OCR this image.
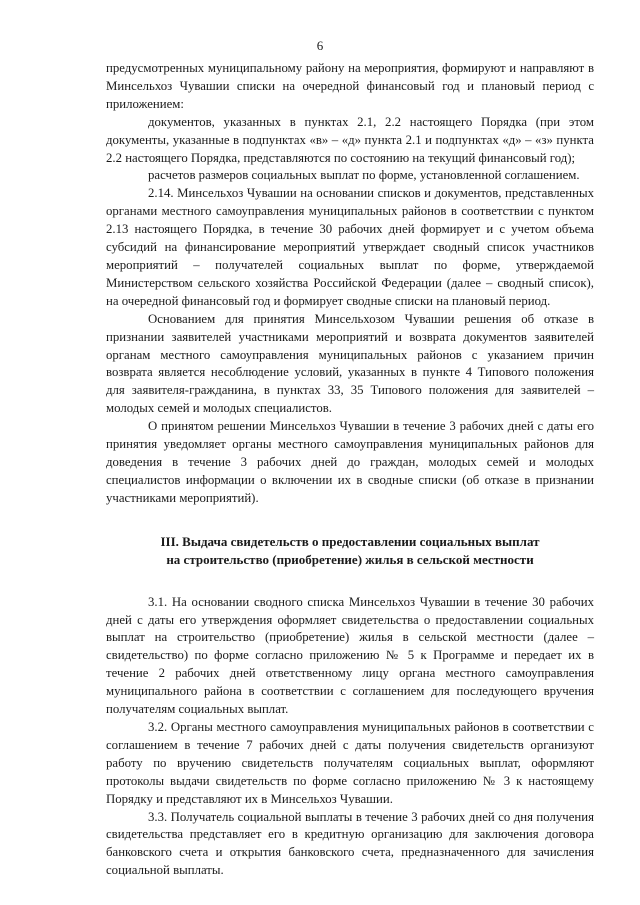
6

предусмотренных муниципальному району на мероприятия, формируют и направляют в Минсельхоз Чувашии списки на очередной финансовый год и плановый период с приложением:

документов, указанных в пунктах 2.1, 2.2 настоящего Порядка (при этом документы, указанные в подпунктах «в» – «д» пункта 2.1 и подпунктах «д» – «з» пункта 2.2 настоящего Порядка, представляются по состоянию на текущий финансовый год);

расчетов размеров социальных выплат по форме, установленной соглашением.

2.14. Минсельхоз Чувашии на основании списков и документов, представленных органами местного самоуправления муниципальных районов в соответствии с пунктом 2.13 настоящего Порядка, в течение 30 рабочих дней формирует и с учетом объема субсидий на финансирование мероприятий утверждает сводный список участников мероприятий – получателей социальных выплат по форме, утверждаемой Министерством сельского хозяйства Российской Федерации (далее – сводный список), на очередной финансовый год и формирует сводные списки на плановый период.

Основанием для принятия Минсельхозом Чувашии решения об отказе в признании заявителей участниками мероприятий и возврата документов заявителей органам местного самоуправления муниципальных районов с указанием причин возврата является несоблюдение условий, указанных в пункте 4 Типового положения для заявителя-гражданина, в пунктах 33, 35 Типового положения для заявителей – молодых семей и молодых специалистов.

О принятом решении Минсельхоз Чувашии в течение 3 рабочих дней с даты его принятия уведомляет органы местного самоуправления муниципальных районов для доведения в течение 3 рабочих дней до граждан, молодых семей и молодых специалистов информации о включении их в сводные списки (об отказе в признании участниками мероприятий).

III. Выдача свидетельств о предоставлении социальных выплат
на строительство (приобретение) жилья в сельской местности

3.1. На основании сводного списка Минсельхоз Чувашии в течение 30 рабочих дней с даты его утверждения оформляет свидетельства о предоставлении социальных выплат на строительство (приобретение) жилья в сельской местности (далее – свидетельство) по форме согласно приложению № 5 к Программе и передает их в течение 2 рабочих дней ответственному лицу органа местного самоуправления муниципального района в соответствии с соглашением для последующего вручения получателям социальных выплат.

3.2. Органы местного самоуправления муниципальных районов в соответствии с соглашением в течение 7 рабочих дней с даты получения свидетельств организуют работу по вручению свидетельств получателям социальных выплат, оформляют протоколы выдачи свидетельств по форме согласно приложению № 3 к настоящему Порядку и представляют их в Минсельхоз Чувашии.

3.3. Получатель социальной выплаты в течение 3 рабочих дней со дня получения свидетельства представляет его в кредитную организацию для заключения договора банковского счета и открытия банковского счета, предназначенного для зачисления социальной выплаты.
